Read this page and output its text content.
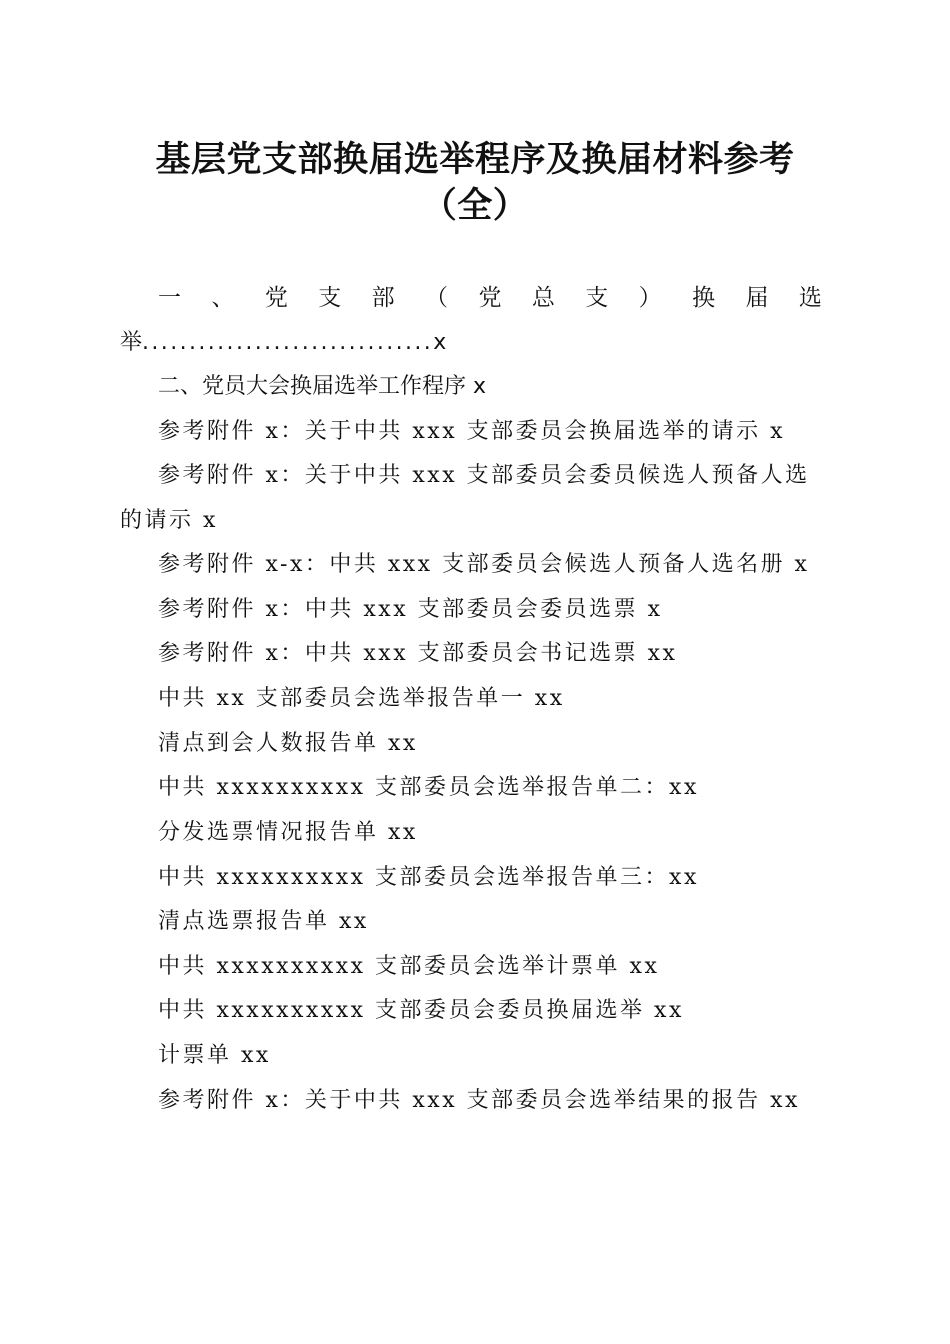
基层党支部换届选举程序及换届材料参考
（全）
一 、 党 支 部 （ 党 总 支 ） 换 届 选
举...............................x
二、党员大会换届选举工作程序 x
参考附件 x：关于中共 xxx 支部委员会换届选举的请示 x
参考附件 x：关于中共 xxx 支部委员会委员候选人预备人选
的请示 x
参考附件 x-x：中共 xxx 支部委员会候选人预备人选名册 x
参考附件 x：中共 xxx 支部委员会委员选票 x
参考附件 x：中共 xxx 支部委员会书记选票 xx
中共 xx 支部委员会选举报告单一 xx
清点到会人数报告单 xx
中共 xxxxxxxxxx 支部委员会选举报告单二：xx
分发选票情况报告单 xx
中共 xxxxxxxxxx 支部委员会选举报告单三：xx
清点选票报告单 xx
中共 xxxxxxxxxx 支部委员会选举计票单 xx
中共 xxxxxxxxxx 支部委员会委员换届选举 xx
计票单 xx
参考附件 x：关于中共 xxx 支部委员会选举结果的报告 xx
